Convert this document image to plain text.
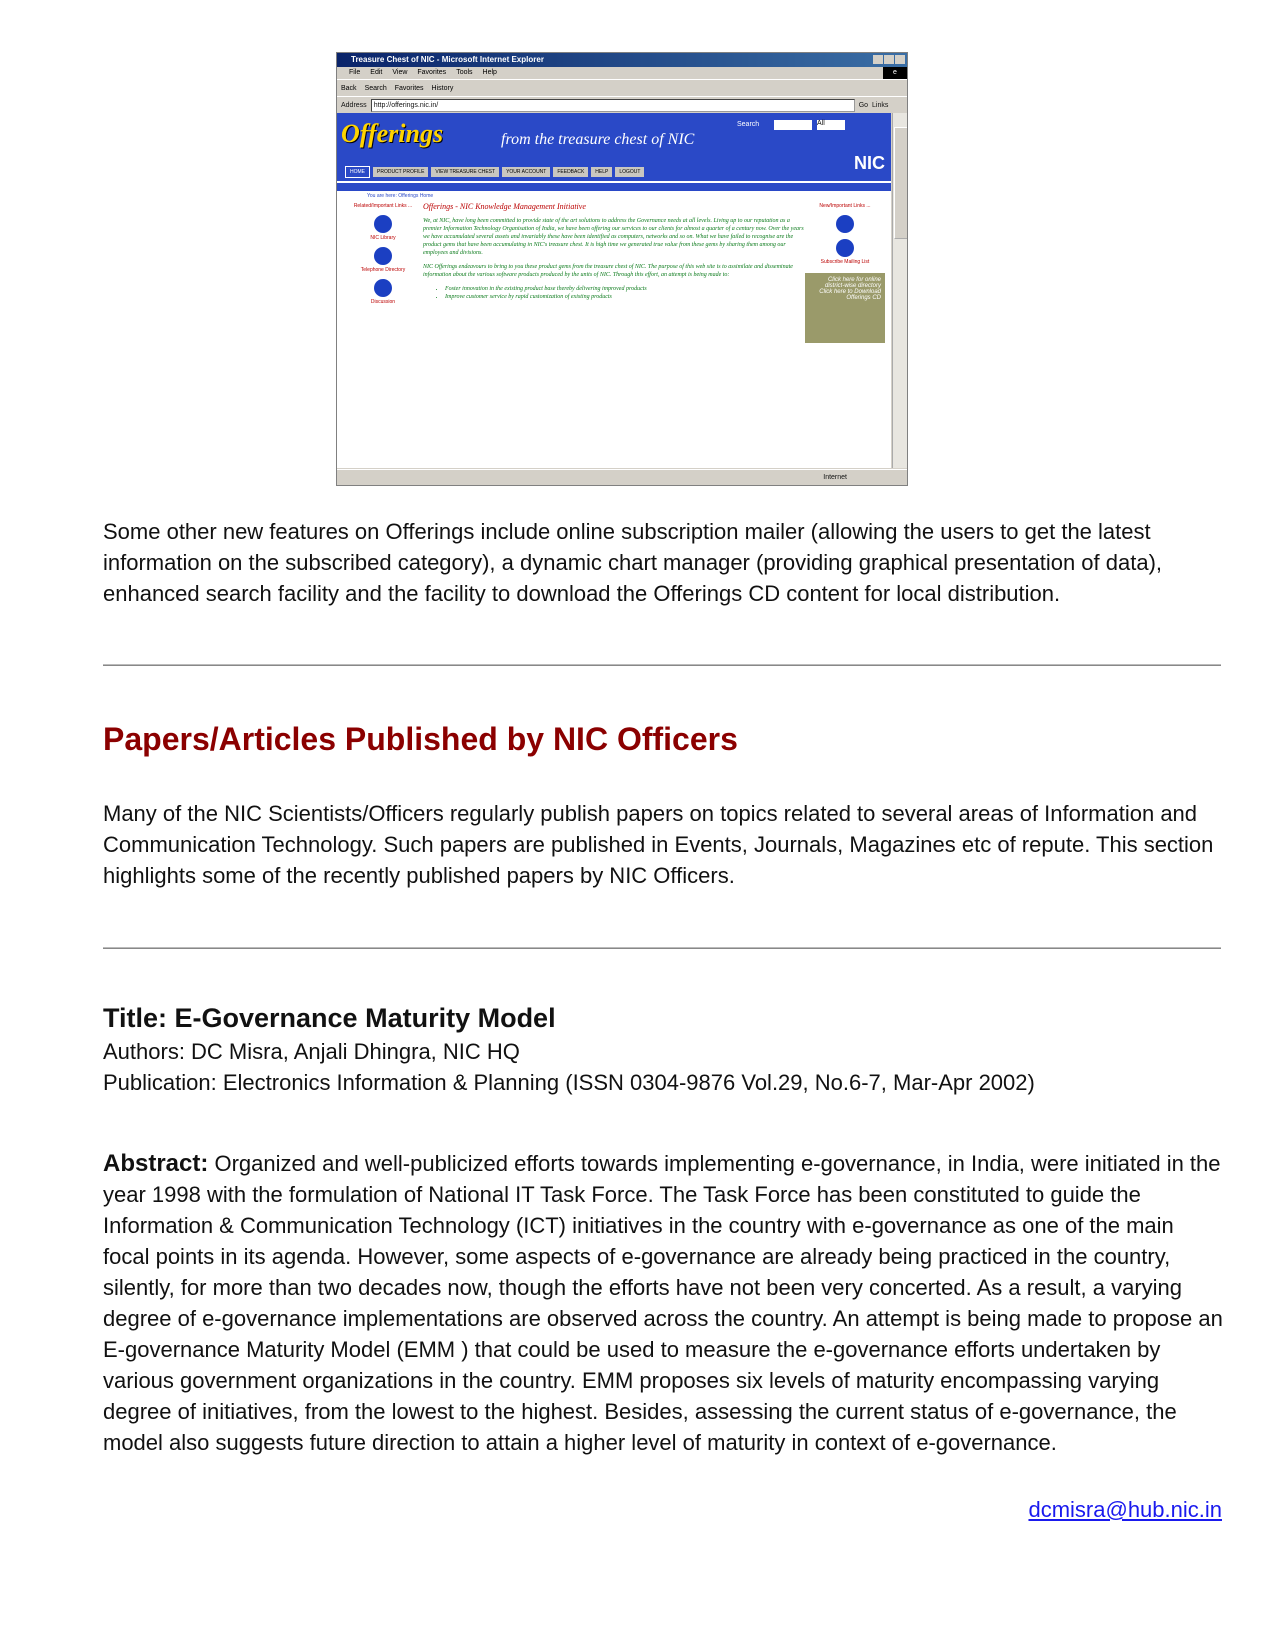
Treasure Chest of NIC - Microsoft Internet Explorer
File Edit View Favorites Tools Help	e
Back Search Favorites History
Address	http://offerings.nic.in/	Go Links
Offerings	from the treasure chest of NIC
Search	All
NIC
HOME	PRODUCT PROFILE	VIEW TREASURE CHEST	YOUR ACCOUNT	FEEDBACK	HELP	LOGOUT
You are here: Offerings Home
Related/Important Links ...
NIC Library
Telephone Directory
Discussion
Offerings - NIC Knowledge Management Initiative

We, at NIC, have long been committed to provide state of the art solutions to address the Governance needs at all levels. Living up to our reputation as a premier Information Technology Organisation of India, we have been offering our services to our clients for almost a quarter of a century now. Over the years we have accumulated several assets and invariably these have been identified as computers, networks and so on. What we have failed to recognise are the product gems that have been accumulating in NIC's treasure chest. It is high time we generated true value from these gems by sharing them among our employees and divisions.

NIC Offerings endeavours to bring to you these product gems from the treasure chest of NIC. The purpose of this web site is to assimilate and disseminate information about the various software products produced by the units of NIC. Through this effort, an attempt is being made to:

• Foster innovation in the existing product base thereby delivering improved products
• Improve customer service by rapid customization of existing products
New/Important Links ...
Subscribe Mailing List
Click here for online district-wise directory
Click here to Download Offerings CD
Internet

Some other new features on Offerings include online subscription mailer (allowing the users to get the latest information on the subscribed category), a dynamic chart manager (providing graphical presentation of data), enhanced search facility and the facility to download the Offerings CD content for local distribution.

Papers/Articles Published by NIC Officers

Many of the NIC Scientists/Officers regularly publish papers on topics related to several areas of Information and Communication Technology. Such papers are published in Events, Journals, Magazines etc of repute. This section highlights some of the recently published papers by NIC Officers.

Title: E-Governance Maturity Model
Authors: DC Misra, Anjali Dhingra, NIC HQ
Publication: Electronics Information & Planning (ISSN 0304-9876 Vol.29, No.6-7, Mar-Apr 2002)

Abstract: Organized and well-publicized efforts towards implementing e-governance, in India, were initiated in the year 1998 with the formulation of National IT Task Force. The Task Force has been constituted to guide the Information & Communication Technology (ICT) initiatives in the country with e-governance as one of the main focal points in its agenda. However, some aspects of e-governance are already being practiced in the country, silently, for more than two decades now, though the efforts have not been very concerted. As a result, a varying degree of e-governance implementations are observed across the country. An attempt is being made to propose an E-governance Maturity Model (EMM ) that could be used to measure the e-governance efforts undertaken by various government organizations in the country. EMM proposes six levels of maturity encompassing varying degree of initiatives, from the lowest to the highest. Besides, assessing the current status of e-governance, the model also suggests future direction to attain a higher level of maturity in context of e-governance.

dcmisra@hub.nic.in
